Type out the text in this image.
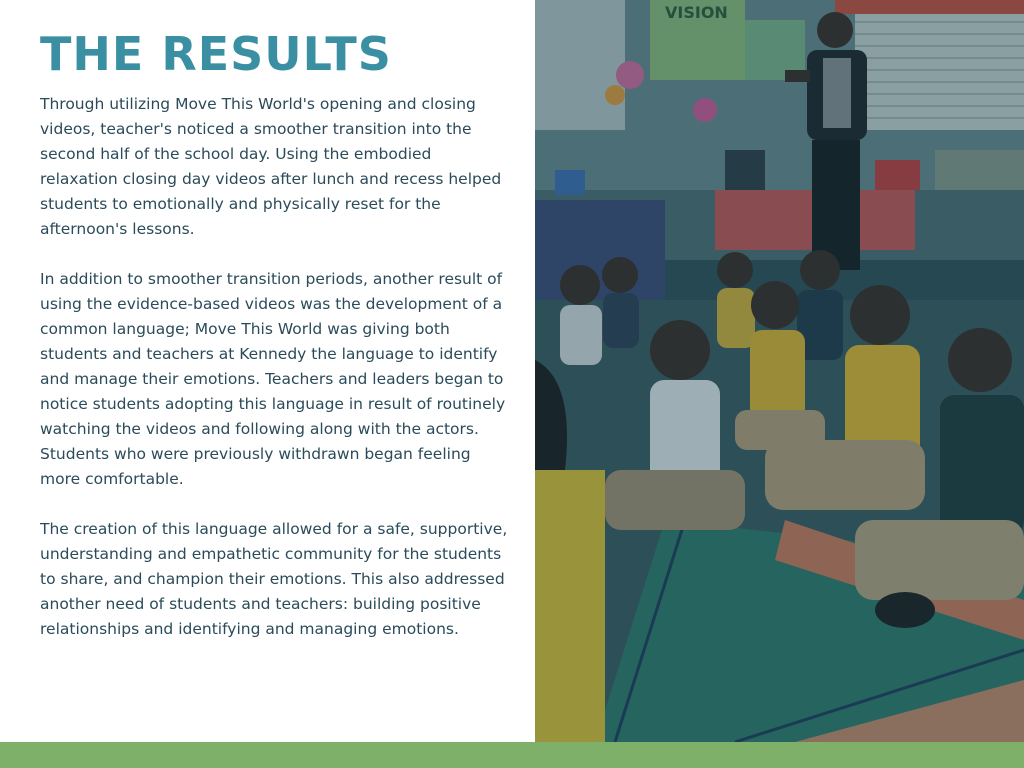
THE RESULTS

Through utilizing Move This World's opening and closing videos, teacher's noticed a smoother transition into the second half of the school day. Using the embodied relaxation closing day videos after lunch and recess helped students to emotionally and physically reset for the afternoon's lessons.

In addition to smoother transition periods, another result of using the evidence-based videos was the development of a common language; Move This World was giving both students and teachers at Kennedy the language to identify and manage their emotions. Teachers and leaders began to notice students adopting this language in result of routinely watching the videos and following along with the actors. Students who were previously withdrawn began feeling more comfortable.

The creation of this language allowed for a safe, supportive, understanding and empathetic community for the students to share, and champion their emotions. This also addressed another need of students and teachers: building positive relationships and identifying and managing emotions.

VISION
